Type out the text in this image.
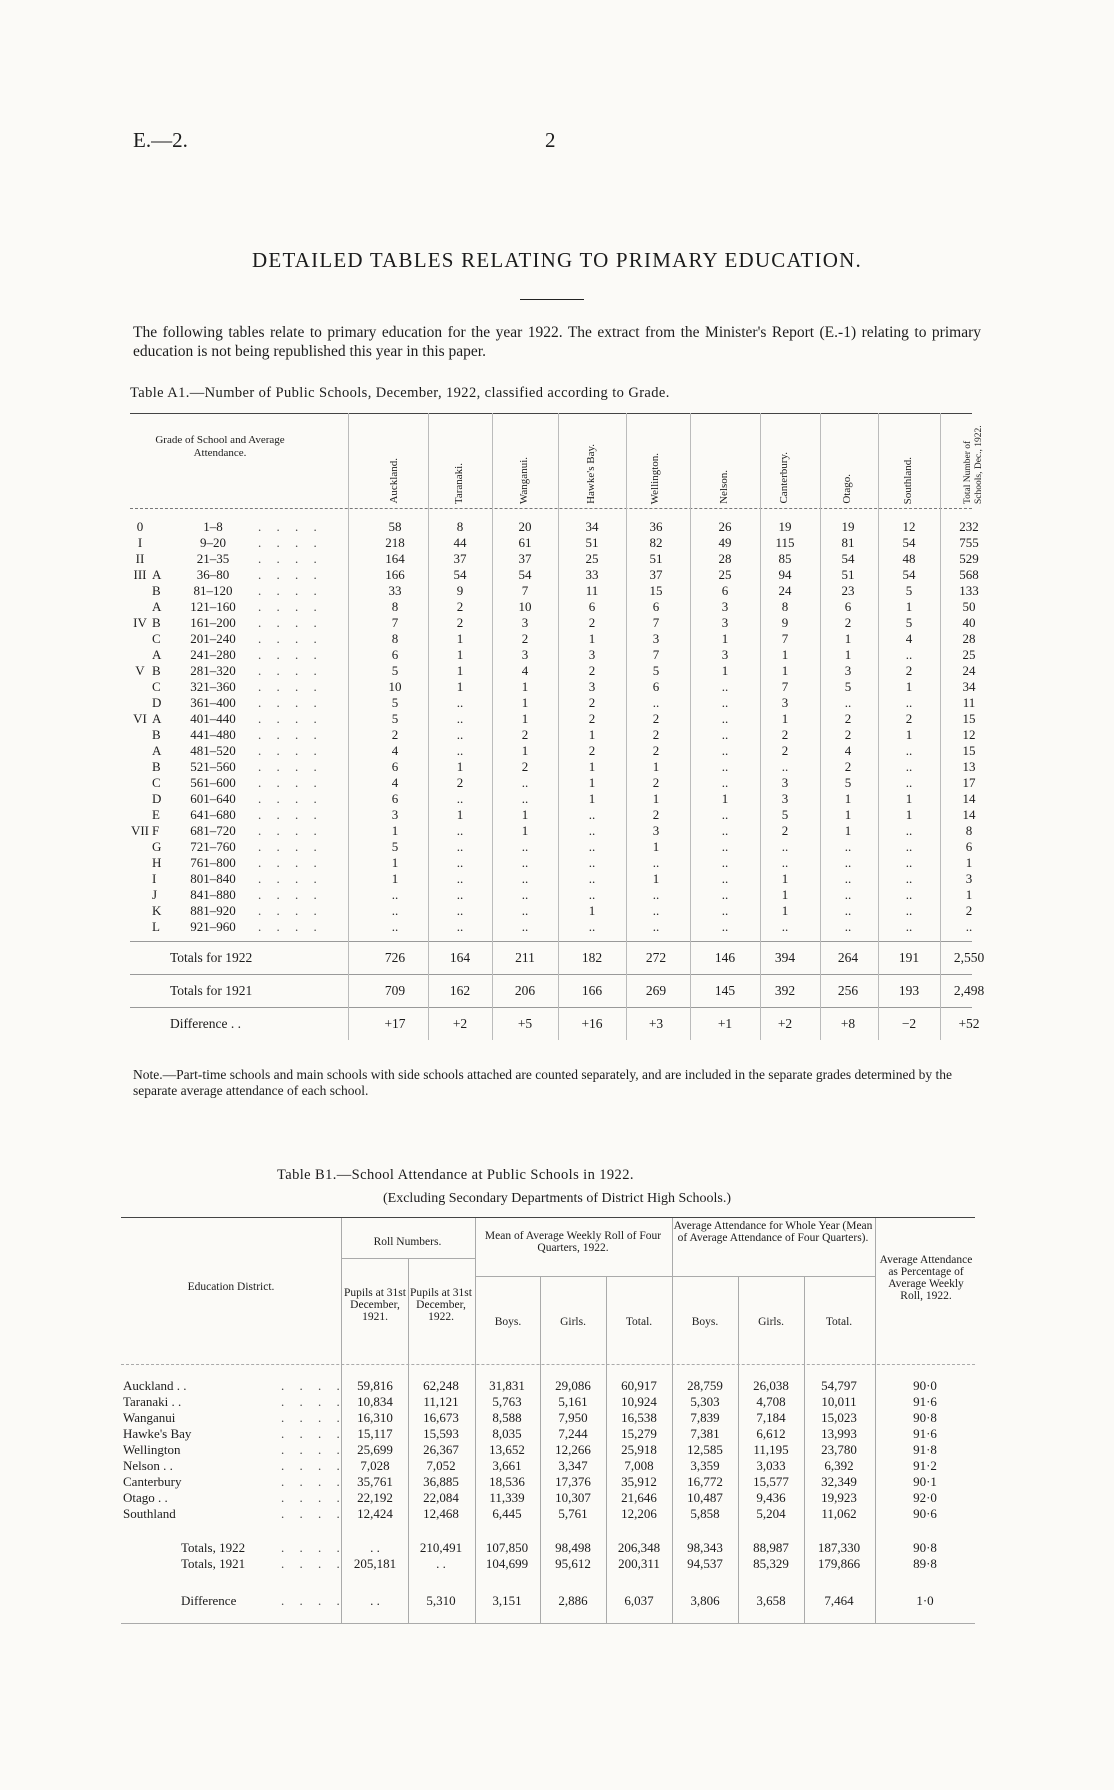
E.—2.	2
DETAILED TABLES RELATING TO PRIMARY EDUCATION.
The following tables relate to primary education for the year 1922. The extract from the Minister's Report (E.-1) relating to primary education is not being republished this year in this paper.
Table A1.—Number of Public Schools, December, 1922, classified according to Grade.
Grade of School and Average Attendance.
Auckland.	Taranaki.	Wanganui.	Hawke's Bay.	Wellington.	Nelson.	Canterbury.	Otago.	Southland.	Total Number of Schools, Dec., 1922.
0	1–8	. . . .	58	8	20	34	36	26	19	19	12	232
I	9–20	. . . .	218	44	61	51	82	49	115	81	54	755
II	21–35	. . . .	164	37	37	25	51	28	85	54	48	529
III A	36–80	. . . .	166	54	54	33	37	25	94	51	54	568
B	81–120	. . . .	33	9	7	11	15	6	24	23	5	133
A	121–160	. . . .	8	2	10	6	6	3	8	6	1	50
IV B	161–200	. . . .	7	2	3	2	7	3	9	2	5	40
C	201–240	. . . .	8	1	2	1	3	1	7	1	4	28
A	241–280	. . . .	6	1	3	3	7	3	1	1	..	25
V B	281–320	. . . .	5	1	4	2	5	1	1	3	2	24
C	321–360	. . . .	10	1	1	3	6	..	7	5	1	34
D	361–400	. . . .	5	..	1	2	..	..	3	..	..	11
VI A	401–440	. . . .	5	..	1	2	2	..	1	2	2	15
B	441–480	. . . .	2	..	2	1	2	..	2	2	1	12
A	481–520	. . . .	4	..	1	2	2	..	2	4	..	15
B	521–560	. . . .	6	1	2	1	1	..	..	2	..	13
C	561–600	. . . .	4	2	..	1	2	..	3	5	..	17
D	601–640	. . . .	6	..	..	1	1	1	3	1	1	14
E	641–680	. . . .	3	1	1	..	2	..	5	1	1	14
VII F	681–720	. . . .	1	..	1	..	3	..	2	1	..	8
G	721–760	. . . .	5	..	..	..	1	..	..	..	..	6
H	761–800	. . . .	1	..	..	..	..	..	..	..	..	1
I	801–840	. . . .	1	..	..	..	1	..	1	..	..	3
J	841–880	. . . .	..	..	..	..	..	..	1	..	..	1
K	881–920	. . . .	..	..	..	1	..	..	1	..	..	2
L	921–960	. . . .	..	..	..	..	..	..	..	..	..	..
Totals for 1922	726	164	211	182	272	146	394	264	191	2,550
Totals for 1921	709	162	206	166	269	145	392	256	193	2,498
Difference . .	+17	+2	+5	+16	+3	+1	+2	+8	−2	+52
Note.—Part-time schools and main schools with side schools attached are counted separately, and are included in the separate grades determined by the separate average attendance of each school.
Table B1.—School Attendance at Public Schools in 1922.
(Excluding Secondary Departments of District High Schools.)
Education District.
Roll Numbers.
Pupils at 31st December, 1921.
Pupils at 31st December, 1922.
Mean of Average Weekly Roll of Four Quarters, 1922.
Average Attendance for Whole Year (Mean of Average Attendance of Four Quarters).
Average Attendance as Percentage of Average Weekly Roll, 1922.
Boys.	Girls.	Total.	Boys.	Girls.	Total.
Auckland . .	. . . . 59,816	62,248	31,831	29,086	60,917	28,759	26,038	54,797	90·0
Taranaki . .	. . . . 10,834	11,121	5,763	5,161	10,924	5,303	4,708	10,011	91·6
Wanganui	. . . . 16,310	16,673	8,588	7,950	16,538	7,839	7,184	15,023	90·8
Hawke's Bay	. . . . 15,117	15,593	8,035	7,244	15,279	7,381	6,612	13,993	91·6
Wellington	. . . . 25,699	26,367	13,652	12,266	25,918	12,585	11,195	23,780	91·8
Nelson . .	. . . .	7,028	7,052	3,661	3,347	7,008	3,359	3,033	6,392	91·2
Canterbury	. . . . 35,761	36,885	18,536	17,376	35,912	16,772	15,577	32,349	90·1
Otago . .	. . . . 22,192	22,084	11,339	10,307	21,646	10,487	9,436	19,923	92·0
Southland	. . . . 12,424	12,468	6,445	5,761	12,206	5,858	5,204	11,062	90·6
Totals, 1922	. . . .	. .	210,491	107,850	98,498	206,348	98,343	88,987	187,330	90·8
Totals, 1921	. . . . 205,181	. .	104,699	95,612	200,311	94,537	85,329	179,866	89·8
Difference	. . . .	. .	5,310	3,151	2,886	6,037	3,806	3,658	7,464	1·0
